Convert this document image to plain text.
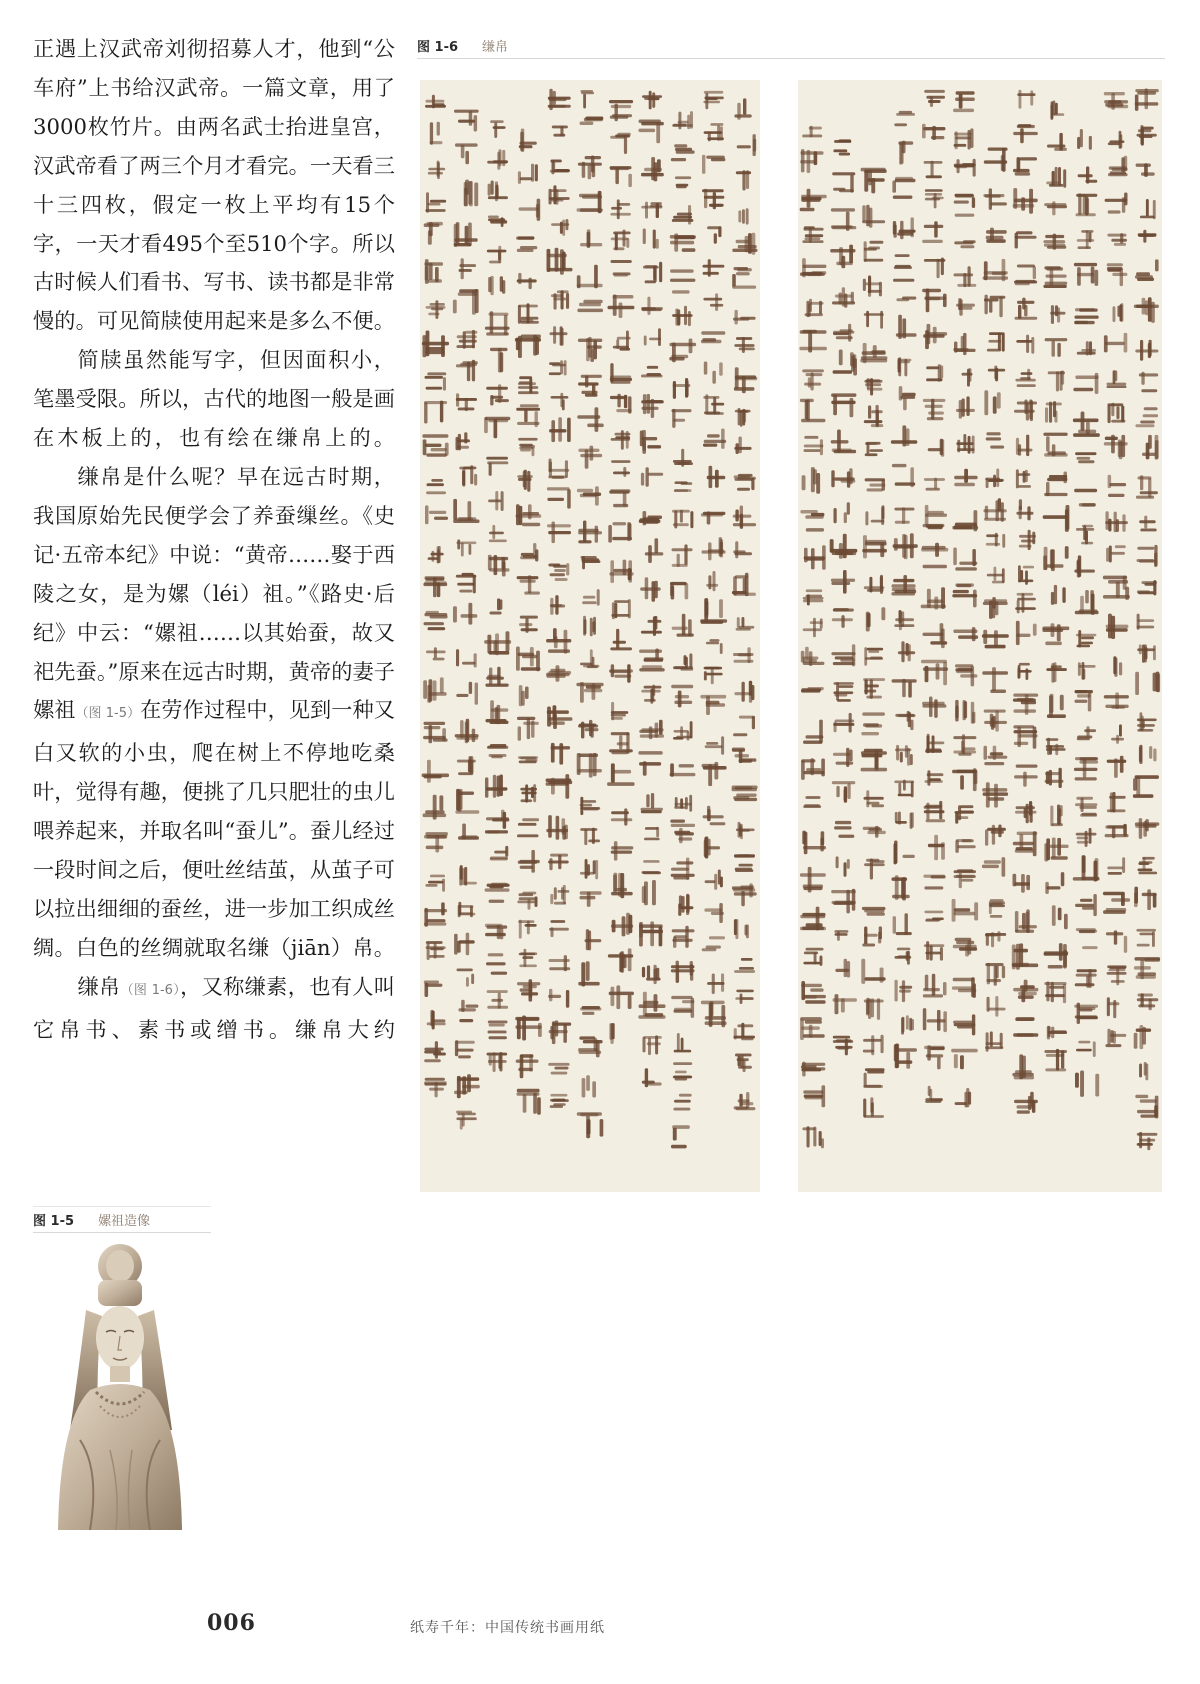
正遇上汉武帝刘彻招募人才，他到“公车府”上书给汉武帝。一篇文章，用了3000枚竹片。由两名武士抬进皇宫，汉武帝看了两三个月才看完。一天看三十三四枚，假定一枚上平均有15个字，一天才看495个至510个字。所以古时候人们看书、写书、读书都是非常慢的。可见简牍使用起来是多么不便。

简牍虽然能写字，但因面积小，笔墨受限。所以，古代的地图一般是画在木板上的，也有绘在缣帛上的。

缣帛是什么呢？早在远古时期，我国原始先民便学会了养蚕缫丝。《史记·五帝本纪》中说：“黄帝……娶于西陵之女，是为嫘（léi）祖。”《路史·后纪》中云：“嫘祖……以其始蚕，故又祀先蚕。”原来在远古时期，黄帝的妻子嫘祖（图 1-5）在劳作过程中，见到一种又白又软的小虫，爬在树上不停地吃桑叶，觉得有趣，便挑了几只肥壮的虫儿喂养起来，并取名叫“蚕儿”。蚕儿经过一段时间之后，便吐丝结茧，从茧子可以拉出细细的蚕丝，进一步加工织成丝绸。白色的丝绸就取名缣（jiān）帛。

缣帛（图 1-6），又称缣素，也有人叫它帛书、素书或缯书。缣帛大约

图 1-6 缣帛
图 1-5 嫘祖造像
006	纸寿千年：中国传统书画用纸
